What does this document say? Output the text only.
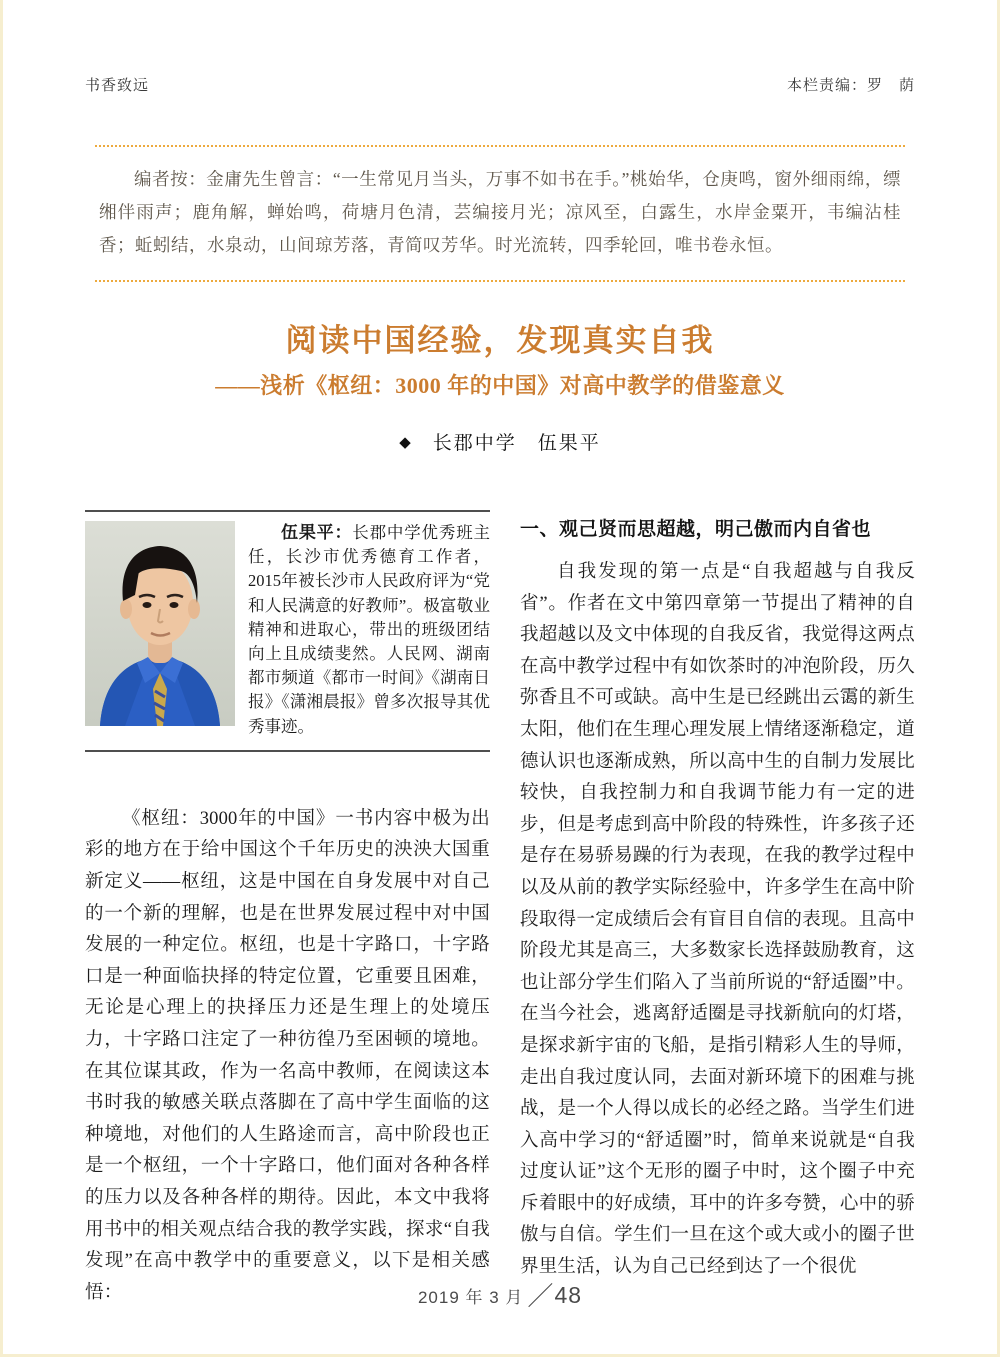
书香致远	本栏责编：罗　荫

编者按：金庸先生曾言：“一生常见月当头，万事不如书在手。”桃始华，仓庚鸣，窗外细雨绵，缥缃伴雨声；鹿角解，蝉始鸣，荷塘月色清，芸编接月光；凉风至，白露生，水岸金粟开，韦编沾桂香；蚯蚓结，水泉动，山间琼芳落，青简叹芳华。时光流转，四季轮回，唯书卷永恒。

阅读中国经验，发现真实自我
——浅析《枢纽：3000 年的中国》对高中教学的借鉴意义
◆ 长郡中学　伍果平

伍果平：长郡中学优秀班主任，长沙市优秀德育工作者，2015年被长沙市人民政府评为“党和人民满意的好教师”。极富敬业精神和进取心，带出的班级团结向上且成绩斐然。人民网、湖南都市频道《都市一时间》《湖南日报》《潇湘晨报》曾多次报导其优秀事迹。

《枢纽：3000年的中国》一书内容中极为出彩的地方在于给中国这个千年历史的泱泱大国重新定义——枢纽，这是中国在自身发展中对自己的一个新的理解，也是在世界发展过程中对中国发展的一种定位。枢纽，也是十字路口，十字路口是一种面临抉择的特定位置，它重要且困难，无论是心理上的抉择压力还是生理上的处境压力，十字路口注定了一种彷徨乃至困顿的境地。在其位谋其政，作为一名高中教师，在阅读这本书时我的敏感关联点落脚在了高中学生面临的这种境地，对他们的人生路途而言，高中阶段也正是一个枢纽，一个十字路口，他们面对各种各样的压力以及各种各样的期待。因此，本文中我将用书中的相关观点结合我的教学实践，探求“自我发现”在高中教学中的重要意义，以下是相关感悟：

一、观己贤而思超越，明己傲而内自省也

自我发现的第一点是“自我超越与自我反省”。作者在文中第四章第一节提出了精神的自我超越以及文中体现的自我反省，我觉得这两点在高中教学过程中有如饮茶时的冲泡阶段，历久弥香且不可或缺。高中生是已经跳出云霭的新生太阳，他们在生理心理发展上情绪逐渐稳定，道德认识也逐渐成熟，所以高中生的自制力发展比较快，自我控制力和自我调节能力有一定的进步，但是考虑到高中阶段的特殊性，许多孩子还是存在易骄易躁的行为表现，在我的教学过程中以及从前的教学实际经验中，许多学生在高中阶段取得一定成绩后会有盲目自信的表现。且高中阶段尤其是高三，大多数家长选择鼓励教育，这也让部分学生们陷入了当前所说的“舒适圈”中。在当今社会，逃离舒适圈是寻找新航向的灯塔，是探求新宇宙的飞船，是指引精彩人生的导师，走出自我过度认同，去面对新环境下的困难与挑战，是一个人得以成长的必经之路。当学生们进入高中学习的“舒适圈”时，简单来说就是“自我过度认证”这个无形的圈子中时，这个圈子中充斥着眼中的好成绩，耳中的许多夸赞，心中的骄傲与自信。学生们一旦在这个或大或小的圈子世界里生活，认为自己已经到达了一个很优

2019 年 3 月 ／48
